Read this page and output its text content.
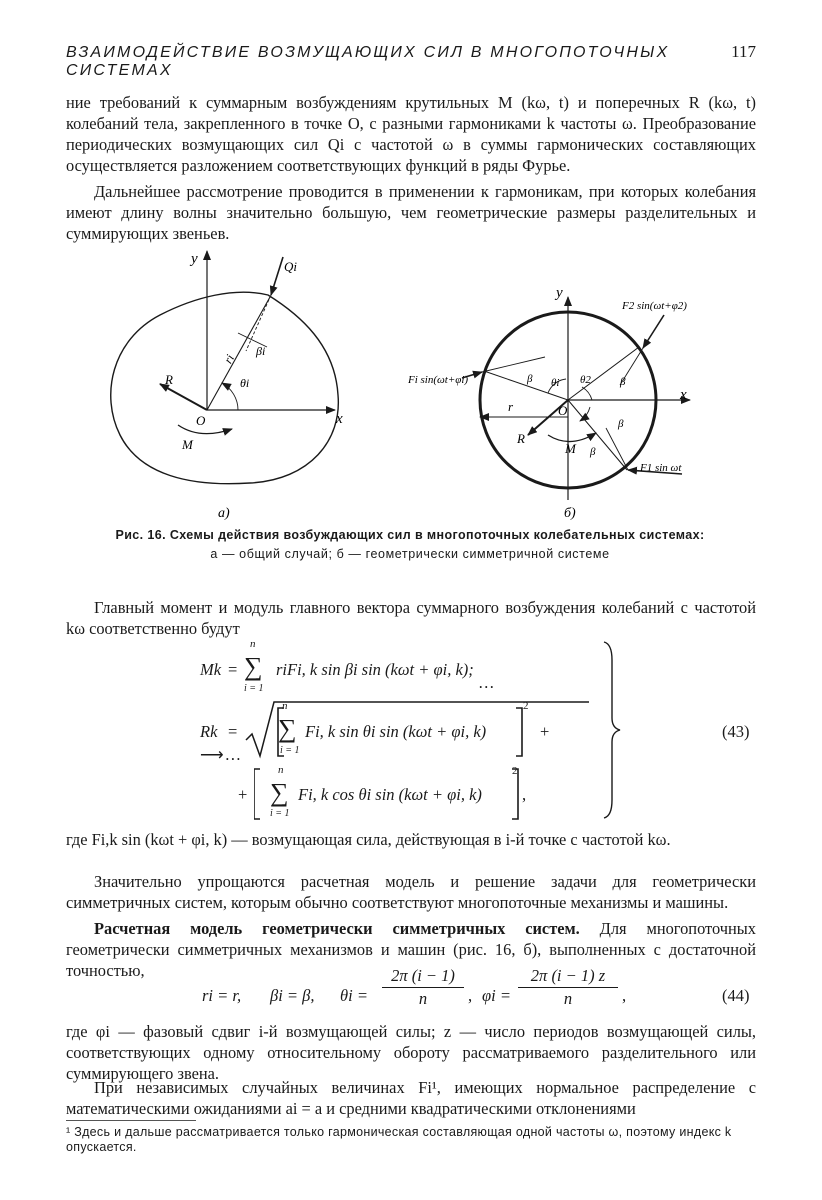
ВЗАИМОДЕЙСТВИЕ ВОЗМУЩАЮЩИХ СИЛ В МНОГОПОТОЧНЫХ СИСТЕМАХ
117

ние требований к суммарным возбуждениям крутильных M (kω, t) и поперечных R (kω, t) колебаний тела, закрепленного в точке O, с разными гармониками k частоты ω. Преобразование периодических возмущающих сил Qi с частотой ω в суммы гармонических составляющих осуществляется разложением соответствующих функций в ряды Фурье.

Дальнейшее рассмотрение проводится в применении к гармоникам, при которых колебания имеют длину волны значительно большую, чем геометрические размеры разделительных и суммирующих звеньев.

y
x
O
Qi
R
M
ri
βi
θi
а)
y
x
O
R
M
r
Fi sin(ωt+φi)
F2 sin(ωt+φ2)
F1 sin ωt
β	β
β
β
θi θ2
б)
Рис. 16. Схемы действия возбуждающих сил в многопоточных колебательных системах:
а — общий случай; б — геометрически симметричной системе

Главный момент и модуль главного вектора суммарного возбуждения колебаний с частотой kω соответственно будут

Mk =
n
∑
i = 1
riFi, k sin βi sin (kωt + φi, k);
…
Rk =
n
∑
i = 1
Fi, k sin θi sin (kωt + φi, k)
2
+
⟶…
+
n
∑
i = 1
Fi, k cos θi sin (kωt + φi, k)
2
,
(43)

где Fi,k sin (kωt + φi, k) — возмущающая сила, действующая в i-й точке с частотой kω.

Значительно упрощаются расчетная модель и решение задачи для геометрически симметричных систем, которым обычно соответствуют многопоточные механизмы и машины.

Расчетная модель геометрически симметричных систем. Для многопоточных геометрически симметричных механизмов и машин (рис. 16, б), выполненных с достаточной точностью,

ri = r, βi = β, θi =
2π (i − 1)
n	, φi =
2π (i − 1) z
n	,	(44)

где φi — фазовый сдвиг i-й возмущающей силы; z — число периодов возмущающей силы, соответствующих одному относительному обороту рассматриваемого разделительного или суммирующего звена.

При независимых случайных величинах Fi¹, имеющих нормальное распределение с математическими ожиданиями ai = a и средними квадратическими отклонениями

¹ Здесь и дальше рассматривается только гармоническая составляющая одной частоты ω, поэтому индекс k опускается.
